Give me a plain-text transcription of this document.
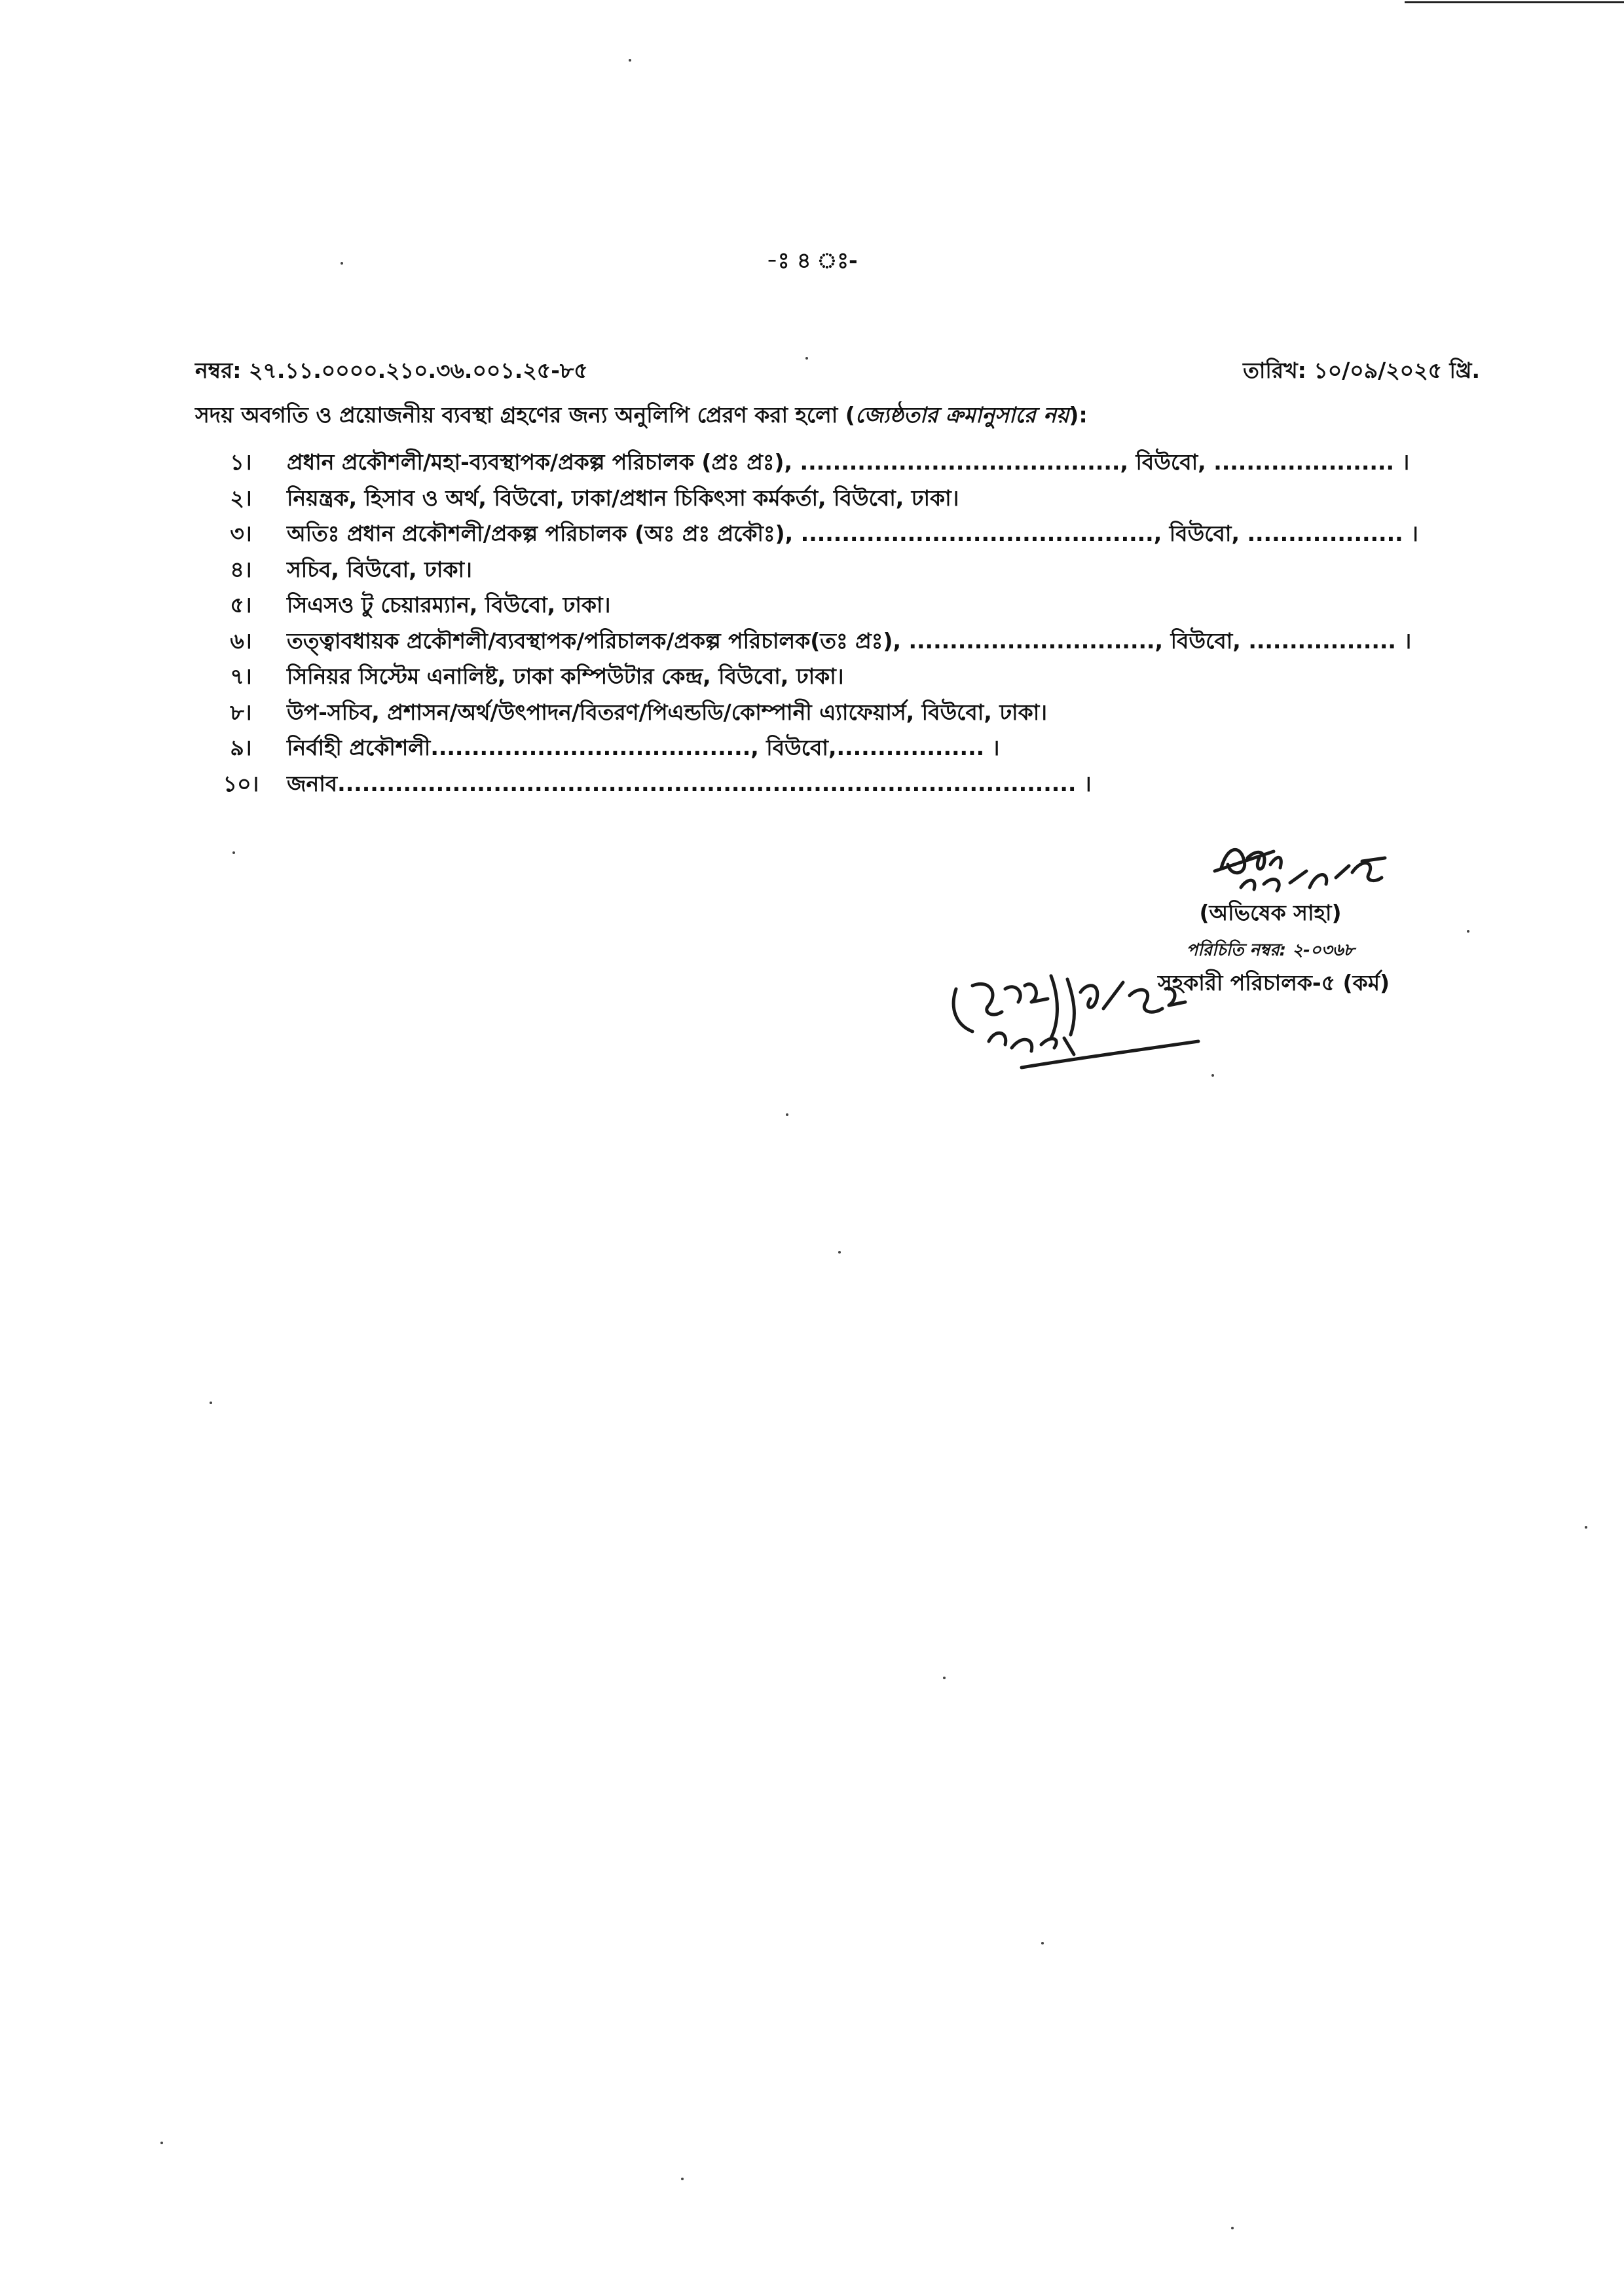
-ঃ ৪ ঃ-
নম্বর: ২৭.১১.০০০০.২১০.৩৬.০০১.২৫-৮৫	তারিখ: ১০/০৯/২০২৫ খ্রি.
সদয় অবগতি ও প্রয়োজনীয় ব্যবস্থা গ্রহণের জন্য অনুলিপি প্রেরণ করা হলো (জ্যেষ্ঠতার ক্রমানুসারে নয়):
১।	প্রধান প্রকৌশলী/মহা-ব্যবস্থাপক/প্রকল্প পরিচালক (প্রঃ প্রঃ), ......................................., বিউবো, ...................... ।
২।	নিয়ন্ত্রক, হিসাব ও অর্থ, বিউবো, ঢাকা/প্রধান চিকিৎসা কর্মকর্তা, বিউবো, ঢাকা।
৩।	অতিঃ প্রধান প্রকৌশলী/প্রকল্প পরিচালক (অঃ প্রঃ প্রকৌঃ), ..........................................., বিউবো, ................... ।
৪।	সচিব, বিউবো, ঢাকা।
৫।	সিএসও টু চেয়ারম্যান, বিউবো, ঢাকা।
৬।	তত্ত্বাবধায়ক প্রকৌশলী/ব্যবস্থাপক/পরিচালক/প্রকল্প পরিচালক(তঃ প্রঃ), .............................., বিউবো, .................. ।
৭।	সিনিয়র সিস্টেম এনালিষ্ট, ঢাকা কম্পিউটার কেন্দ্র, বিউবো, ঢাকা।
৮।	উপ-সচিব, প্রশাসন/অর্থ/উৎপাদন/বিতরণ/পিএন্ডডি/কোম্পানী এ্যাফেয়ার্স, বিউবো, ঢাকা।
৯।	নির্বাহী প্রকৌশলী......................................., বিউবো,.................. ।
১০।	জনাব.......................................................................................... ।
(অভিষেক সাহা)
পরিচিতি নম্বর: ২-০৩৬৮
সহকারী পরিচালক-৫ (কর্ম)
